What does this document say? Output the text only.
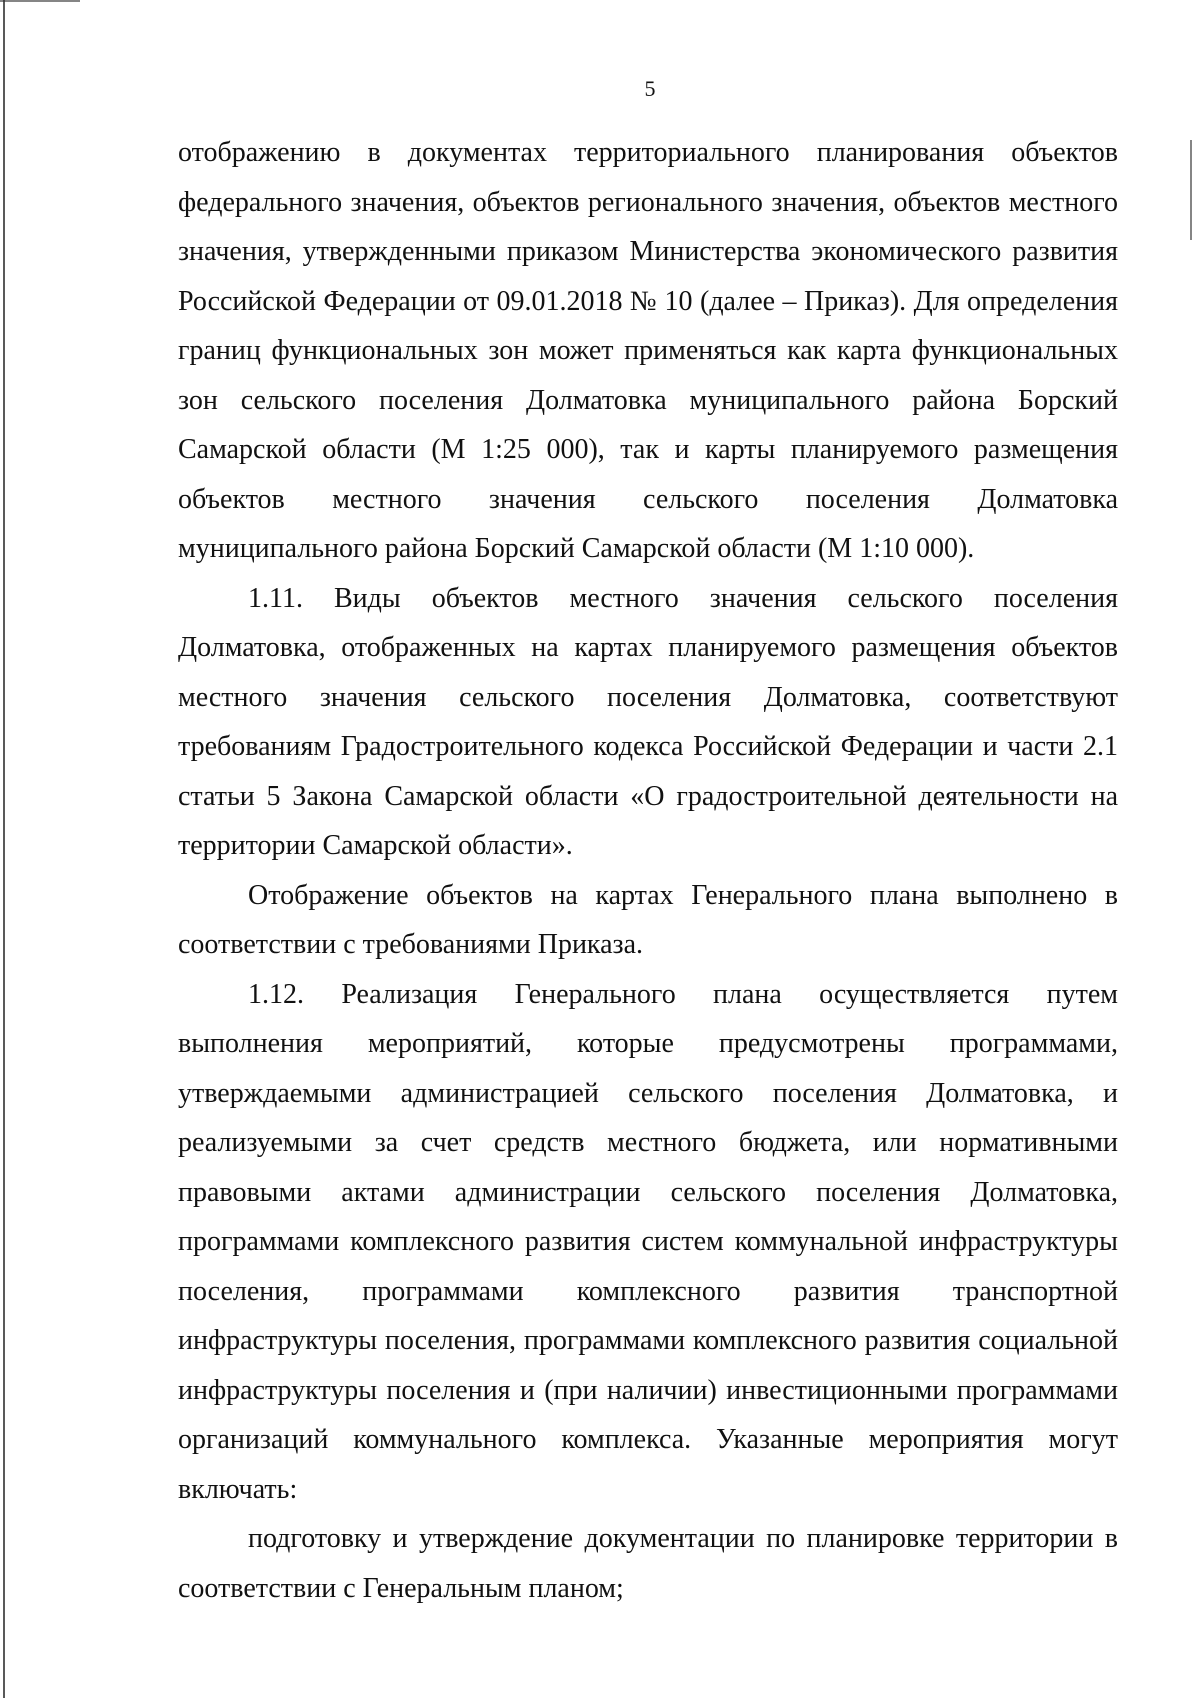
5

отображению в документах территориального планирования объектов федерального значения, объектов регионального значения, объектов местного значения, утвержденными приказом Министерства экономического развития Российской Федерации от 09.01.2018 № 10 (далее – Приказ). Для определения границ функциональных зон может применяться как карта функциональных зон сельского поселения Долматовка муниципального района Борский Самарской области (М 1:25 000), так и карты планируемого размещения объектов местного значения сельского поселения Долматовка муниципального района Борский Самарской области (М 1:10 000).

1.11. Виды объектов местного значения сельского поселения Долматовка, отображенных на картах планируемого размещения объектов местного значения сельского поселения Долматовка, соответствуют требованиям Градостроительного кодекса Российской Федерации и части 2.1 статьи 5 Закона Самарской области «О градостроительной деятельности на территории Самарской области».

Отображение объектов на картах Генерального плана выполнено в соответствии с требованиями Приказа.

1.12. Реализация Генерального плана осуществляется путем выполнения мероприятий, которые предусмотрены программами, утверждаемыми администрацией сельского поселения Долматовка, и реализуемыми за счет средств местного бюджета, или нормативными правовыми актами администрации сельского поселения Долматовка, программами комплексного развития систем коммунальной инфраструктуры поселения, программами комплексного развития транспортной инфраструктуры поселения, программами комплексного развития социальной инфраструктуры поселения и (при наличии) инвестиционными программами организаций коммунального комплекса. Указанные мероприятия могут включать:

подготовку и утверждение документации по планировке территории в соответствии с Генеральным планом;
